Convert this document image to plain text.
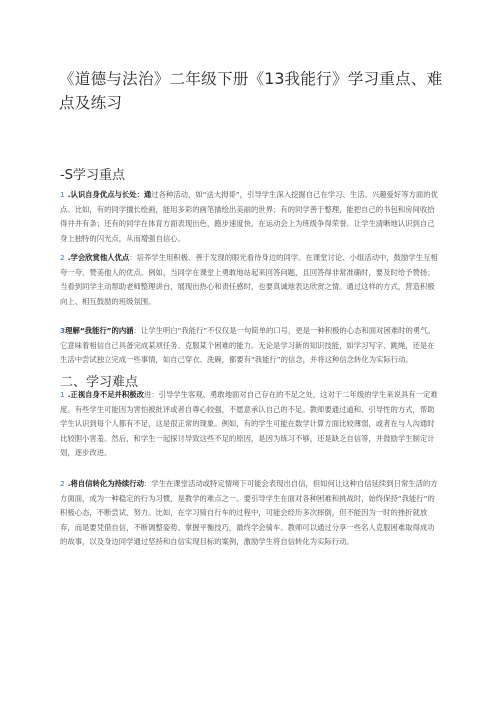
《道德与法治》二年级下册《13我能行》学习重点、难点及练习
-S学习重点
1 .认识自身优点与长处：通过各种活动，如“送大拇哥”，引导学生深入挖掘自己在学习、生活、兴趣爱好等方面的优点。比如，有的同学擅长绘画，能用多彩的画笔描绘出美丽的世界；有的同学善于整理，能把自己的书包和房间收拾得井井有条；还有的同学在体育方面表现出色，跑步速度快，在运动会上为班级争得荣誉。让学生清晰地认识到自己身上独特的闪光点，从而增强自信心。
2 .学会欣赏他人优点：培养学生用积极、善于发现的眼光看待身边的同学。在课堂讨论、小组活动中，鼓励学生互相夸一夸、赞美他人的优点。例如，当同学在课堂上勇敢地站起来回答问题，且回答得非常准确时，要及时给予赞扬；当看到同学主动帮助老师整理讲台，展现出热心和责任感时，也要真诚地表达欣赏之情。通过这样的方式，营造积极向上、相互鼓励的班级氛围。
3理解“我能行”的内涵：让学生明白“我能行”不仅仅是一句简单的口号，更是一种积极的心态和面对困难时的勇气。它意味着相信自己具备完成某项任务、克服某个困难的能力。无论是学习新的知识技能，如学习写字、跳绳，还是在生活中尝试独立完成一些事情，如自己穿衣、洗碗，都要有“我能行”的信念，并将这种信念转化为实际行动。
二、学习难点
1 .正视自身不足并积极改进：引导学生客观、勇敢地面对自己存在的不足之处，这对于二年级的学生来说具有一定难度。有些学生可能因为害怕被批评或者自尊心较强，不愿意承认自己的不足。教师要通过道和、引导性的方式，帮助学生认识到每个人都有不足，这是很正常的现象。例如，有的学生可能在数学计算方面比较薄弱，或者在与人沟通时比较胆小害羞。然后，和学生一起探讨导致这些不足的原因，是因为练习不够，还是缺乏自信等，并鼓励学生制定计划，逐步改进。
2 .将自信转化为持续行动：学生在课堂活动或特定情境下可能会表现出自信，但如何让这种自信延续到日常生活的方方面面，成为一种稳定的行为习惯，是教学的难点之一。要引导学生在面对各种困难和挑战时，始终保持“我能行”的积极心态，不断尝试、努力。比如，在学习骑自行车的过程中，可能会经历多次摔倒，但不能因为一时的挫折就放弃，而是要凭借自信，不断调整姿势、掌握平衡技巧，最终学会骑车。教师可以通过分享一些名人克服困难取得成功的故事，以及身边同学通过坚持和自信实现目标的案例，激励学生将自信转化为实际行动。
